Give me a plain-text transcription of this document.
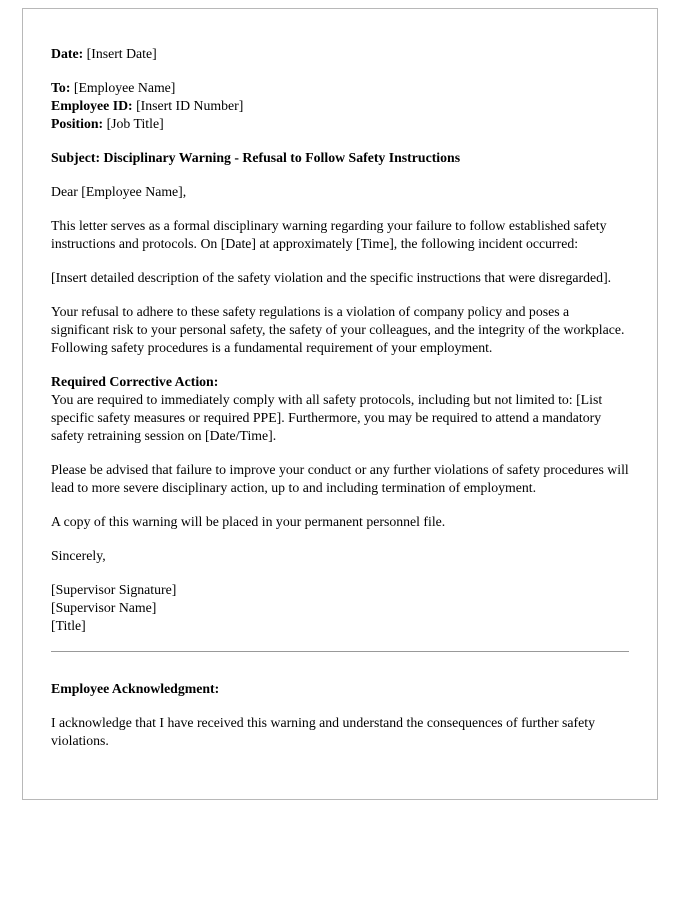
Date: [Insert Date]

To: [Employee Name]

Employee ID: [Insert ID Number]

Position: [Job Title]

Subject: Disciplinary Warning - Refusal to Follow Safety Instructions

Dear [Employee Name],

This letter serves as a formal disciplinary warning regarding your failure to follow established safety instructions and protocols. On [Date] at approximately [Time], the following incident occurred:

[Insert detailed description of the safety violation and the specific instructions that were disregarded].

Your refusal to adhere to these safety regulations is a violation of company policy and poses a significant risk to your personal safety, the safety of your colleagues, and the integrity of the workplace. Following safety procedures is a fundamental requirement of your employment.

Required Corrective Action:

You are required to immediately comply with all safety protocols, including but not limited to: [List specific safety measures or required PPE]. Furthermore, you may be required to attend a mandatory safety retraining session on [Date/Time].

Please be advised that failure to improve your conduct or any further violations of safety procedures will lead to more severe disciplinary action, up to and including termination of employment.

A copy of this warning will be placed in your permanent personnel file.

Sincerely,

[Supervisor Signature]

[Supervisor Name]

[Title]

Employee Acknowledgment:

I acknowledge that I have received this warning and understand the consequences of further safety violations.
